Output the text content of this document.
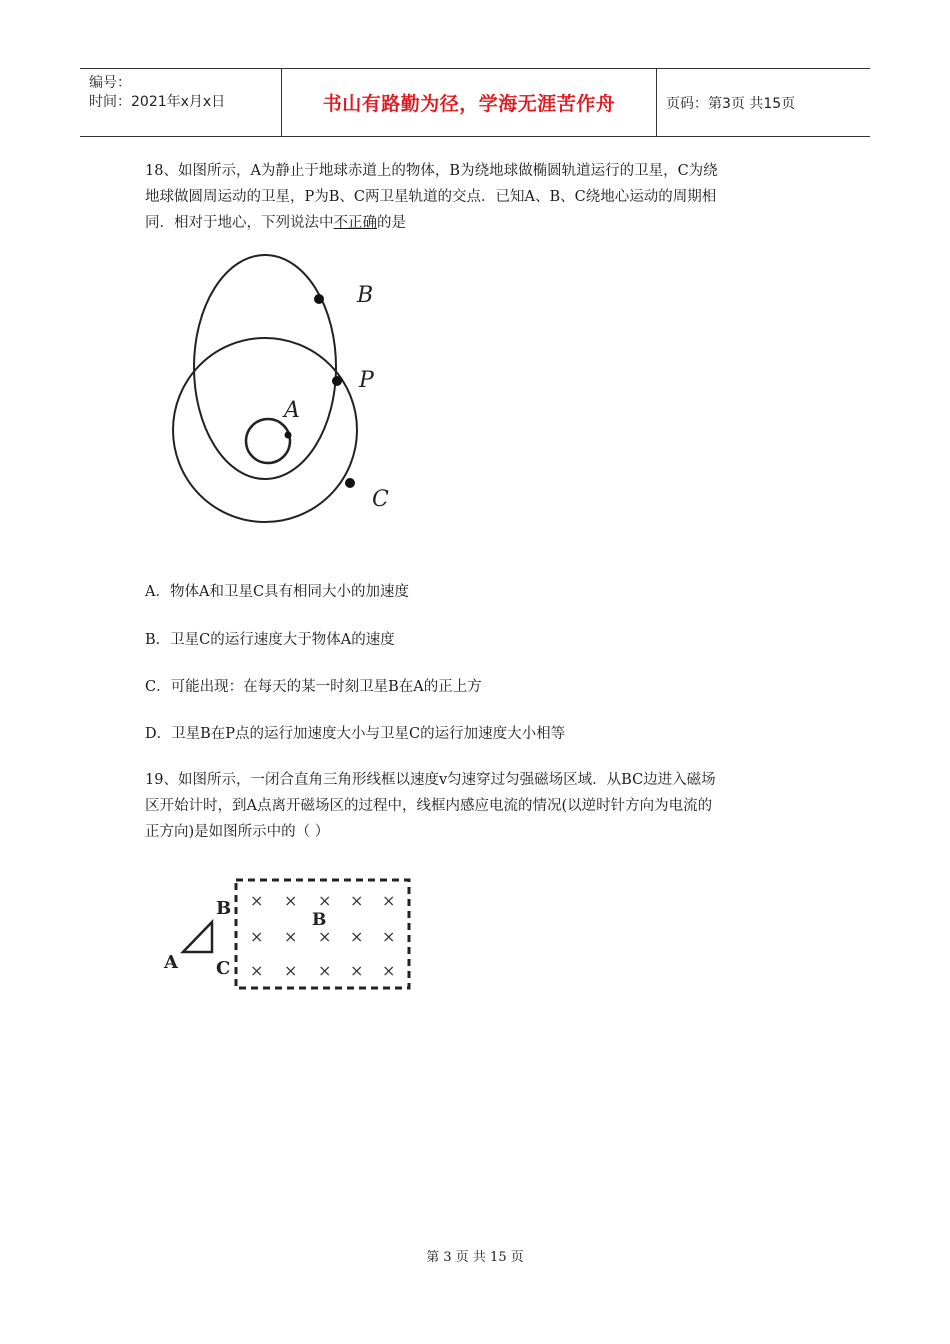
编号：
时间：2021年x月x日	书山有路勤为径，学海无涯苦作舟	页码：第3页 共15页

18、如图所示，A为静止于地球赤道上的物体，B为绕地球做椭圆轨道运行的卫星，C为绕

地球做圆周运动的卫星，P为B、C两卫星轨道的交点．已知A、B、C绕地心运动的周期相

同．相对于地心，下列说法中不正确的是

B
P
A
C
A．物体A和卫星C具有相同大小的加速度
B．卫星C的运行速度大于物体A的速度
C．可能出现：在每天的某一时刻卫星B在A的正上方
D．卫星B在P点的运行加速度大小与卫星C的运行加速度大小相等

19、如图所示，一闭合直角三角形线框以速度v匀速穿过匀强磁场区域．从BC边进入磁场

区开始计时，到A点离开磁场区的过程中，线框内感应电流的情况(以逆时针方向为电流的

正方向)是如图所示中的（ ）

B
A C
B
× × × × ×
× × × × ×
× × × × ×
第 3 页 共 15 页
